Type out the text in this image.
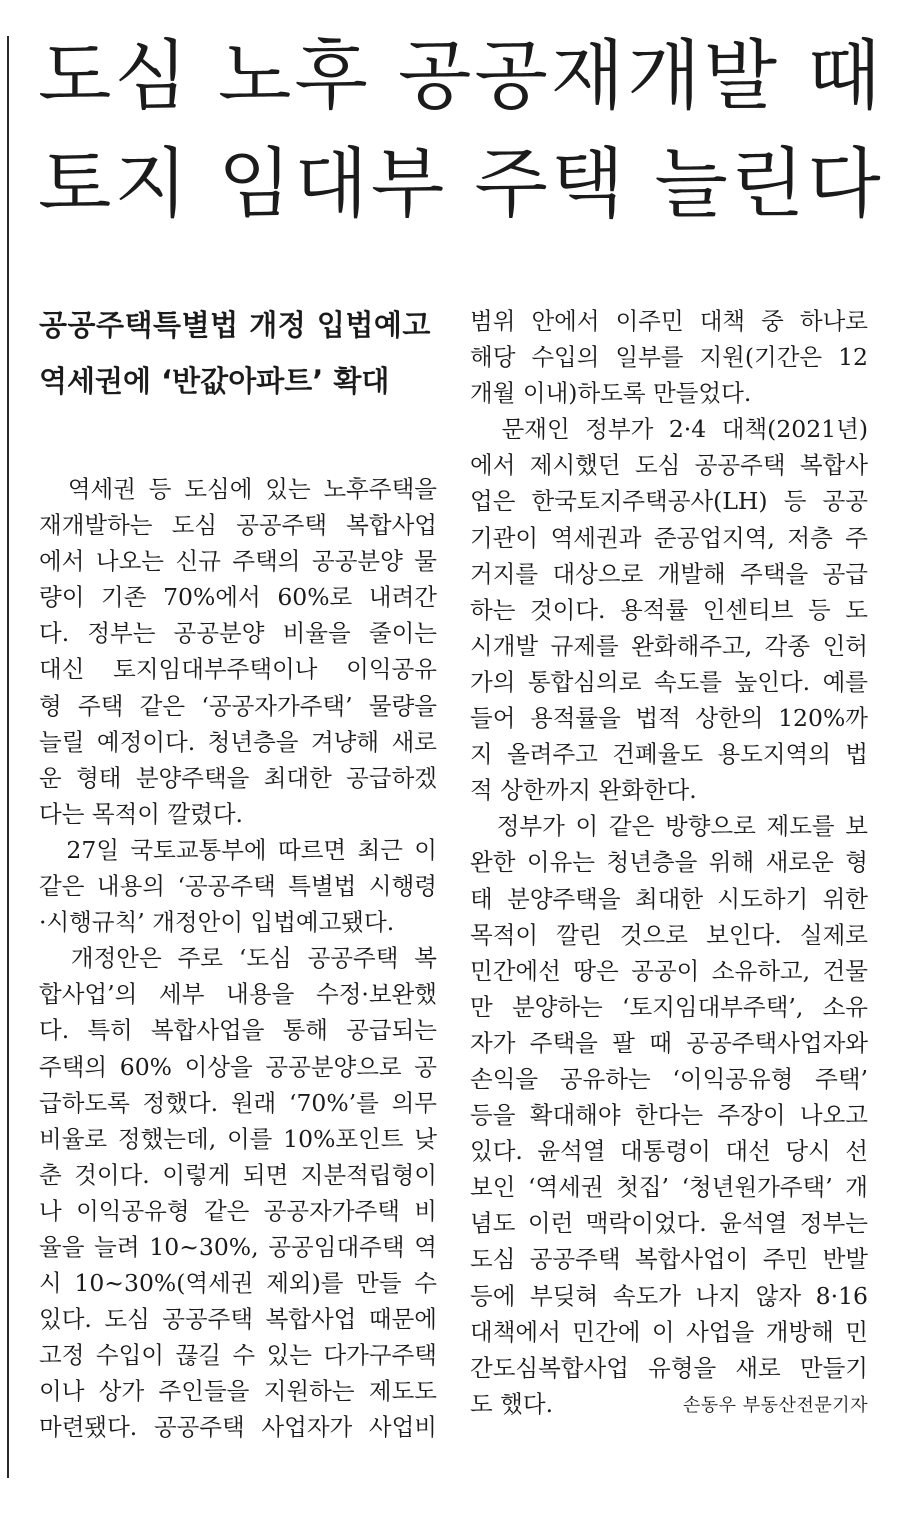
도심 노후 공공재개발 때
토지 임대부 주택 늘린다
공공주택특별법 개정 입법예고
역세권에 ‘반값아파트’ 확대
　역세권 등 도심에 있는 노후주택을
재개발하는 도심 공공주택 복합사업
에서 나오는 신규 주택의 공공분양 물
량이 기존 70%에서 60%로 내려간
다. 정부는 공공분양 비율을 줄이는
대신 토지임대부주택이나 이익공유
형 주택 같은 ‘공공자가주택’ 물량을
늘릴 예정이다. 청년층을 겨냥해 새로
운 형태 분양주택을 최대한 공급하겠
다는 목적이 깔렸다.
　27일 국토교통부에 따르면 최근 이
같은 내용의 ‘공공주택 특별법 시행령
·시행규칙’ 개정안이 입법예고됐다.
　개정안은 주로 ‘도심 공공주택 복
합사업’의 세부 내용을 수정·보완했
다. 특히 복합사업을 통해 공급되는
주택의 60% 이상을 공공분양으로 공
급하도록 정했다. 원래 ‘70%’를 의무
비율로 정했는데, 이를 10%포인트 낮
춘 것이다. 이렇게 되면 지분적립형이
나 이익공유형 같은 공공자가주택 비
율을 늘려 10~30%, 공공임대주택 역
시 10~30%(역세권 제외)를 만들 수
있다. 도심 공공주택 복합사업 때문에
고정 수입이 끊길 수 있는 다가구주택
이나 상가 주인들을 지원하는 제도도
마련됐다. 공공주택 사업자가 사업비
범위 안에서 이주민 대책 중 하나로
해당 수입의 일부를 지원(기간은 12
개월 이내)하도록 만들었다.
　문재인 정부가 2·4 대책(2021년)
에서 제시했던 도심 공공주택 복합사
업은 한국토지주택공사(LH) 등 공공
기관이 역세권과 준공업지역, 저층 주
거지를 대상으로 개발해 주택을 공급
하는 것이다. 용적률 인센티브 등 도
시개발 규제를 완화해주고, 각종 인허
가의 통합심의로 속도를 높인다. 예를
들어 용적률을 법적 상한의 120%까
지 올려주고 건폐율도 용도지역의 법
적 상한까지 완화한다.
　정부가 이 같은 방향으로 제도를 보
완한 이유는 청년층을 위해 새로운 형
태 분양주택을 최대한 시도하기 위한
목적이 깔린 것으로 보인다. 실제로
민간에선 땅은 공공이 소유하고, 건물
만 분양하는 ‘토지임대부주택’, 소유
자가 주택을 팔 때 공공주택사업자와
손익을 공유하는 ‘이익공유형 주택’
등을 확대해야 한다는 주장이 나오고
있다. 윤석열 대통령이 대선 당시 선
보인 ‘역세권 첫집’ ‘청년원가주택’ 개
념도 이런 맥락이었다. 윤석열 정부는
도심 공공주택 복합사업이 주민 반발
등에 부딪혀 속도가 나지 않자 8·16
대책에서 민간에 이 사업을 개방해 민
간도심복합사업 유형을 새로 만들기
도 했다.	손동우 부동산전문기자
